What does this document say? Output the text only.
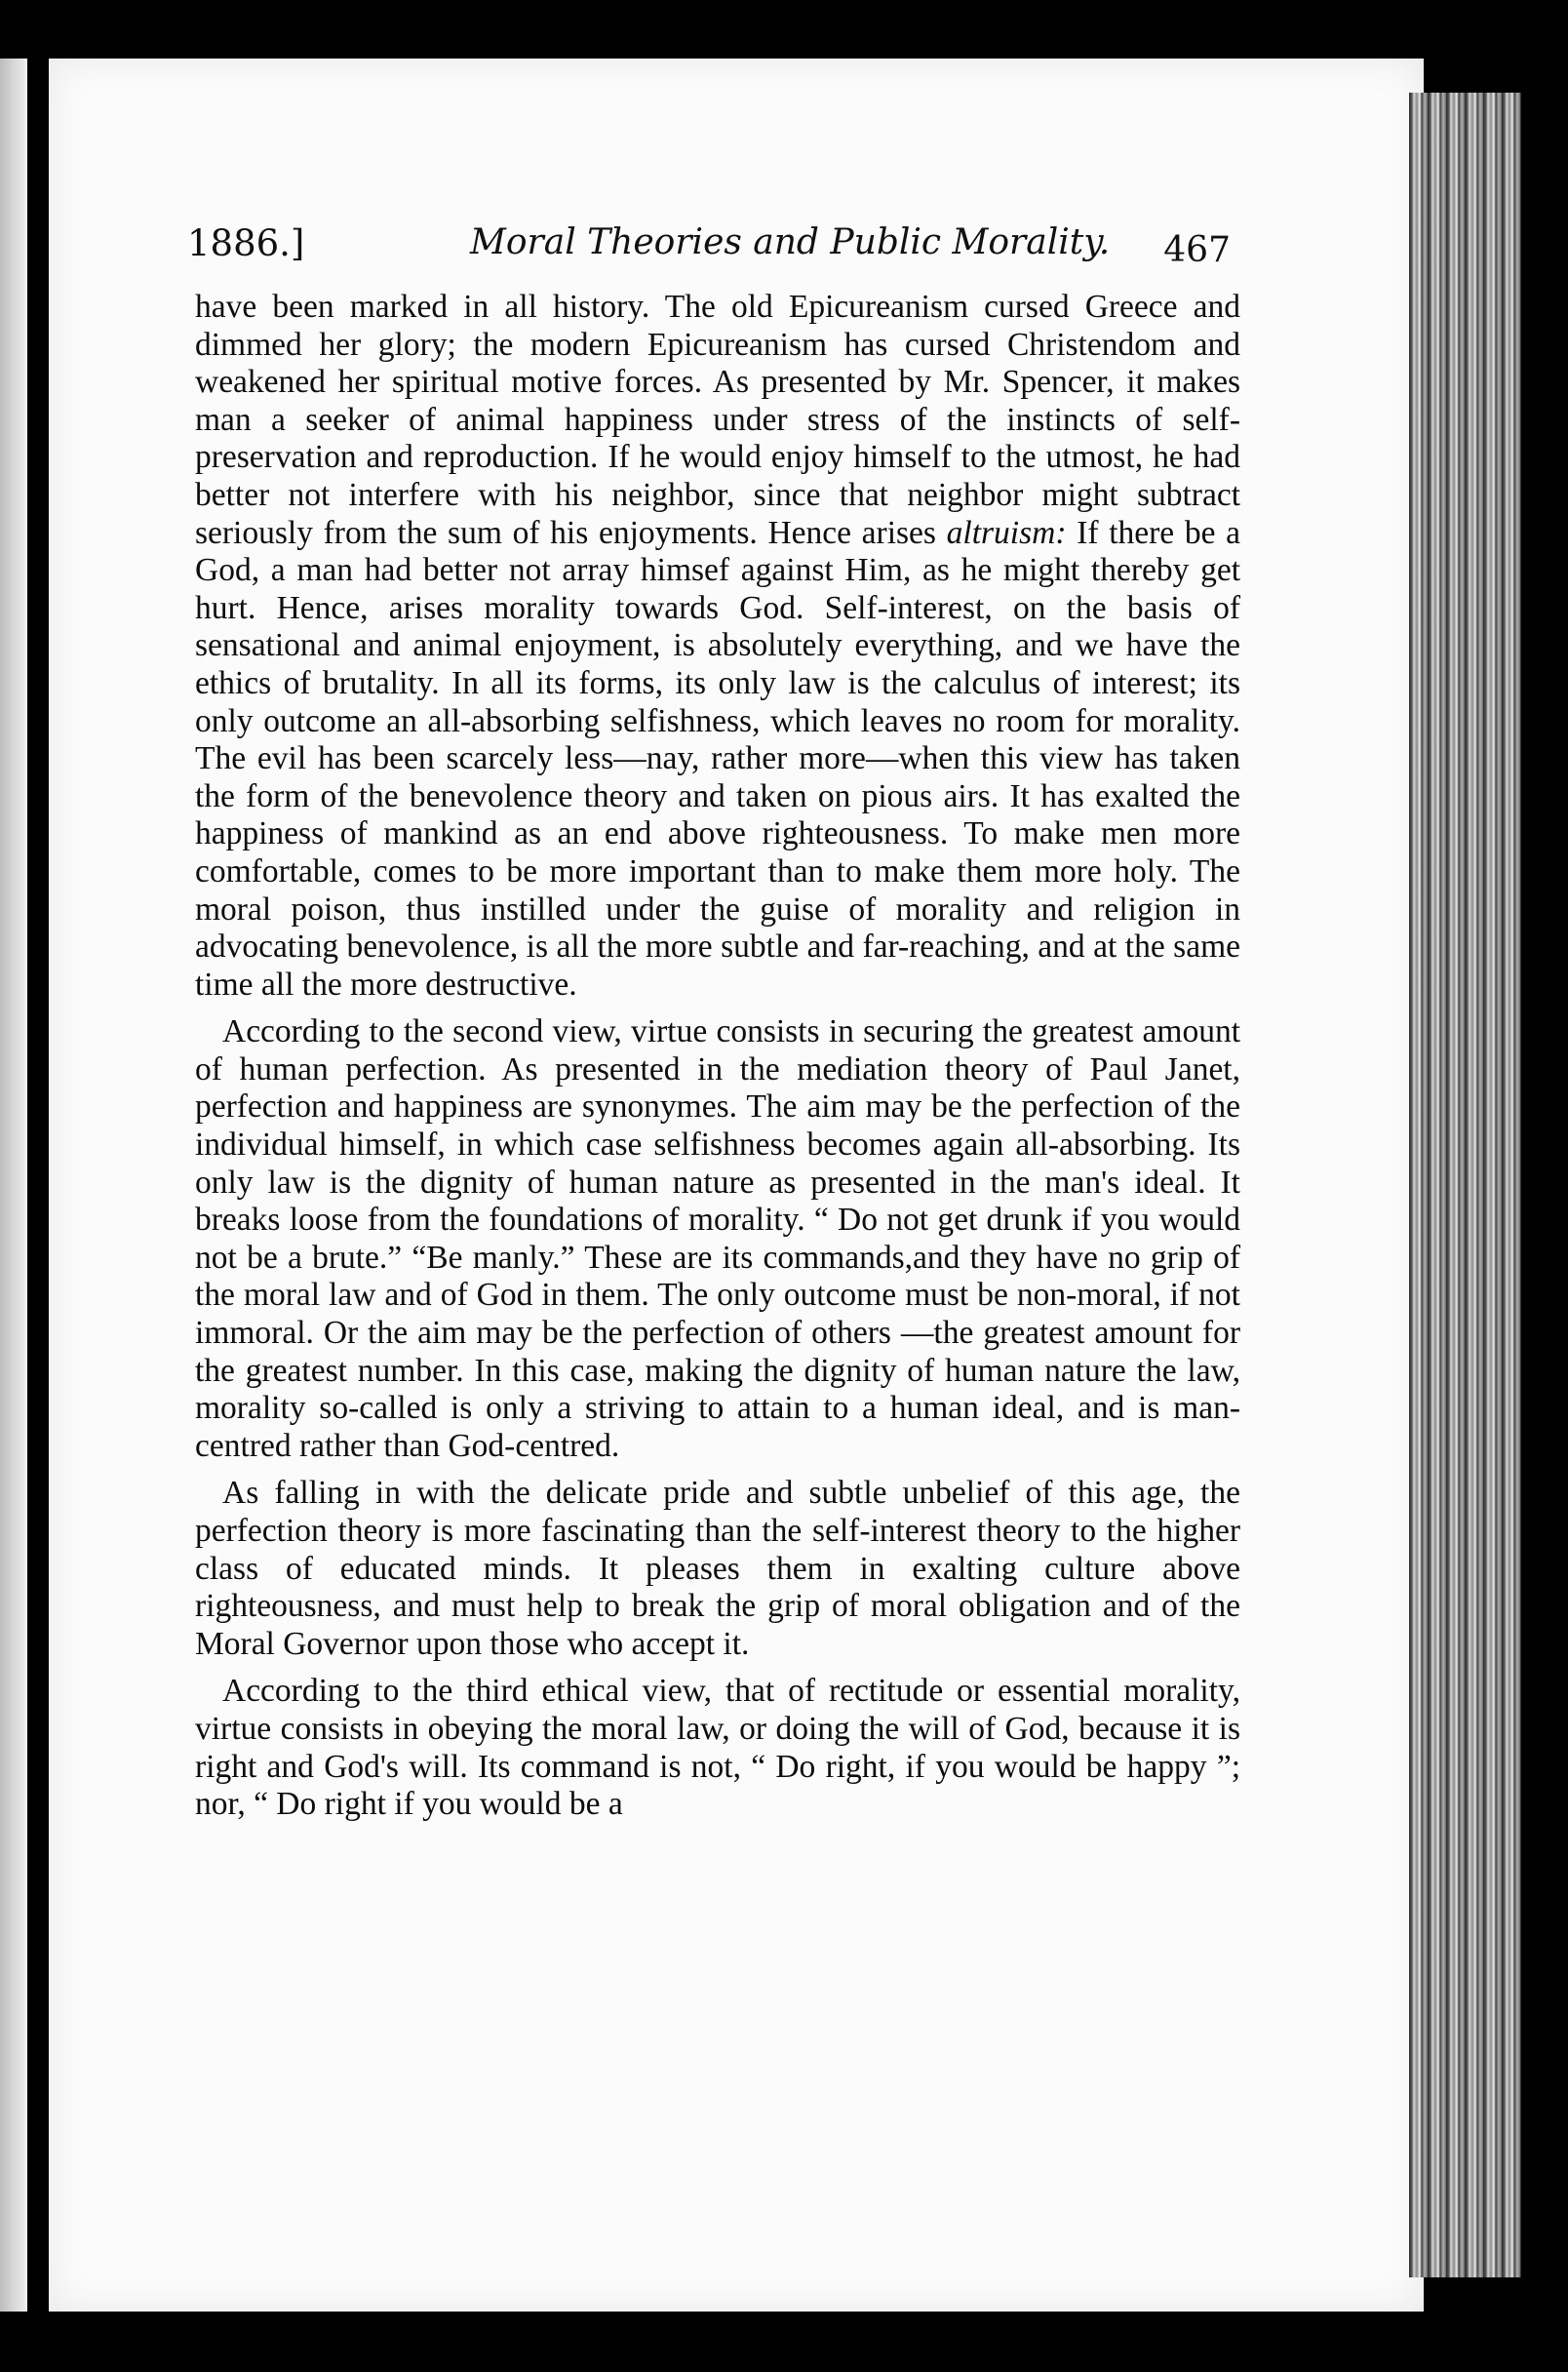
1886.]	Moral Theories and Public Morality. 467

have been marked in all history. The old Epicureanism cursed Greece and dimmed her glory; the modern Epicureanism has cursed Christendom and weakened her spiritual motive forces. As presented by Mr. Spencer, it makes man a seeker of animal happiness under stress of the instincts of self-preservation and reproduction. If he would enjoy himself to the utmost, he had better not interfere with his neighbor, since that neighbor might subtract seriously from the sum of his enjoyments. Hence arises altruism: If there be a God, a man had better not array himsef against Him, as he might thereby get hurt. Hence, arises morality towards God. Self-interest, on the basis of sensational and animal enjoyment, is absolutely everything, and we have the ethics of brutality. In all its forms, its only law is the calculus of interest; its only outcome an all-absorbing selfishness, which leaves no room for morality. The evil has been scarcely less—nay, rather more—when this view has taken the form of the benevolence theory and taken on pious airs. It has exalted the happiness of mankind as an end above righteousness. To make men more comfortable, comes to be more important than to make them more holy. The moral poison, thus instilled under the guise of morality and religion in advocating benevolence, is all the more subtle and far-reaching, and at the same time all the more destructive.

According to the second view, virtue consists in securing the greatest amount of human perfection. As presented in the mediation theory of Paul Janet, perfection and happiness are synonymes. The aim may be the perfection of the individual himself, in which case selfishness becomes again all-absorbing. Its only law is the dignity of human nature as presented in the man's ideal. It breaks loose from the foundations of morality. “ Do not get drunk if you would not be a brute.” “Be manly.” These are its commands,and they have no grip of the moral law and of God in them. The only outcome must be non-moral, if not immoral. Or the aim may be the perfection of others —the greatest amount for the greatest number. In this case, making the dignity of human nature the law, morality so-called is only a striving to attain to a human ideal, and is man-centred rather than God-centred.

As falling in with the delicate pride and subtle unbelief of this age, the perfection theory is more fascinating than the self-interest theory to the higher class of educated minds. It pleases them in exalting culture above righteousness, and must help to break the grip of moral obligation and of the Moral Governor upon those who accept it.

According to the third ethical view, that of rectitude or essential morality, virtue consists in obeying the moral law, or doing the will of God, because it is right and God's will. Its command is not, “ Do right, if you would be happy ”; nor, “ Do right if you would be a
